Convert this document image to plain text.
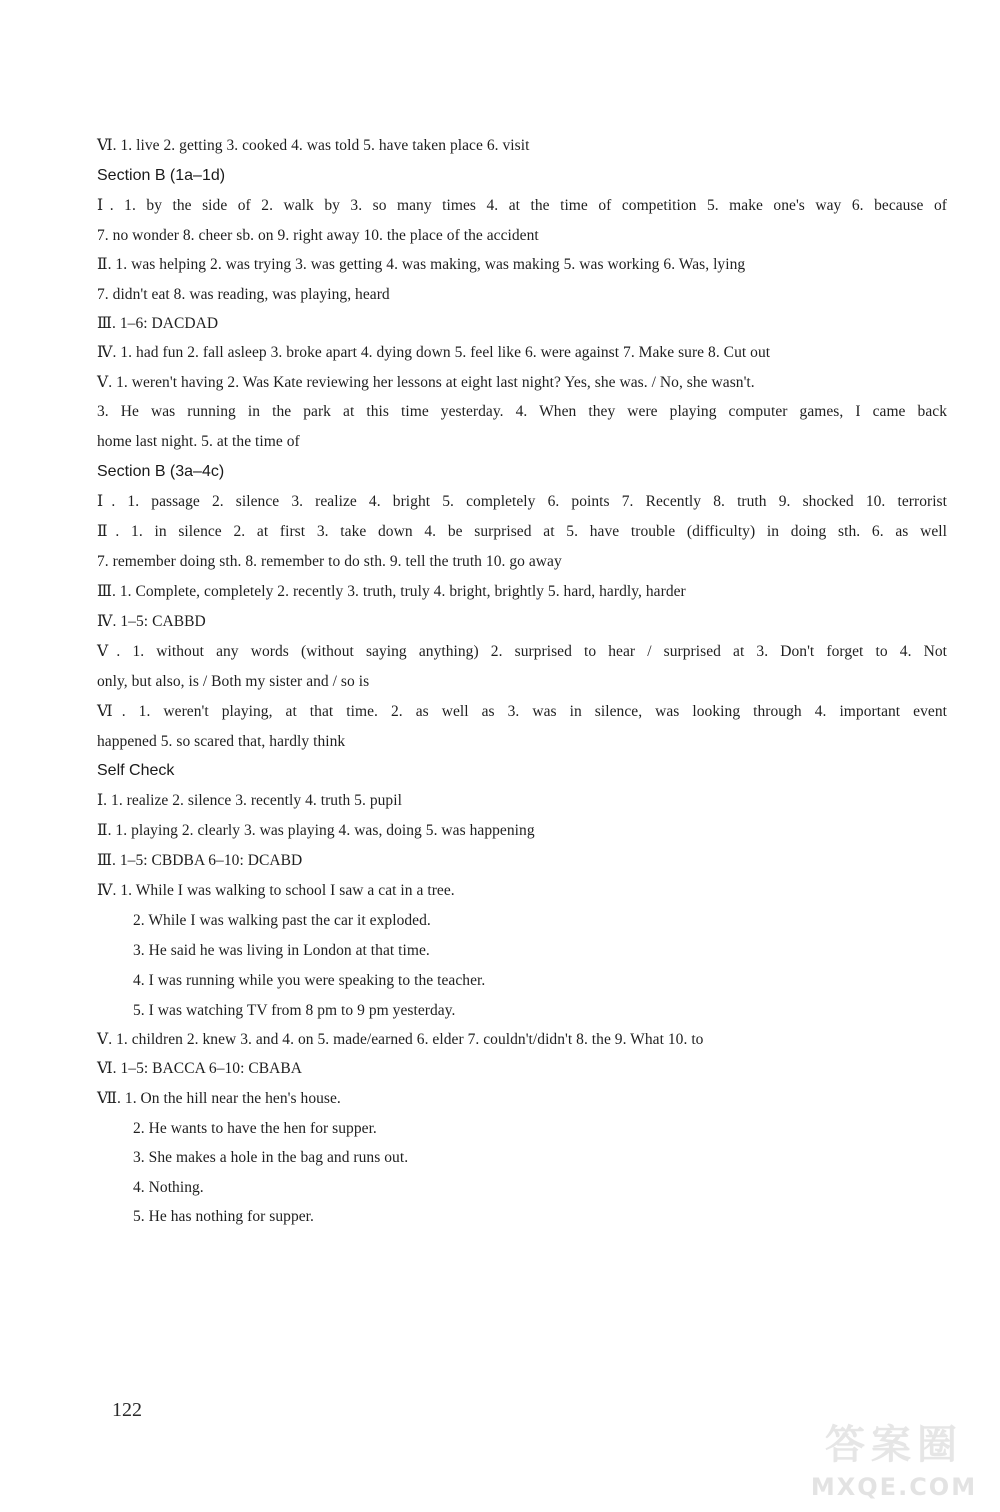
Ⅵ. 1. live 2. getting 3. cooked 4. was told 5. have taken place 6. visit
Section B (1a–1d)
Ⅰ. 1. by the side of 2. walk by 3. so many times 4. at the time of competition 5. make one's way 6. because of
7. no wonder 8. cheer sb. on 9. right away 10. the place of the accident
Ⅱ. 1. was helping 2. was trying 3. was getting 4. was making, was making 5. was working 6. Was, lying
7. didn't eat 8. was reading, was playing, heard
Ⅲ. 1–6: DACDAD
Ⅳ. 1. had fun 2. fall asleep 3. broke apart 4. dying down 5. feel like 6. were against 7. Make sure 8. Cut out
Ⅴ. 1. weren't having 2. Was Kate reviewing her lessons at eight last night? Yes, she was. / No, she wasn't.
3. He was running in the park at this time yesterday. 4. When they were playing computer games, I came back
home last night. 5. at the time of
Section B (3a–4c)
Ⅰ. 1. passage 2. silence 3. realize 4. bright 5. completely 6. points 7. Recently 8. truth 9. shocked 10. terrorist
Ⅱ. 1. in silence 2. at first 3. take down 4. be surprised at 5. have trouble (difficulty) in doing sth. 6. as well
7. remember doing sth. 8. remember to do sth. 9. tell the truth 10. go away
Ⅲ. 1. Complete, completely 2. recently 3. truth, truly 4. bright, brightly 5. hard, hardly, harder
Ⅳ. 1–5: CABBD
Ⅴ. 1. without any words (without saying anything) 2. surprised to hear / surprised at 3. Don't forget to 4. Not
only, but also, is / Both my sister and / so is
Ⅵ. 1. weren't playing, at that time. 2. as well as 3. was in silence, was looking through 4. important event
happened 5. so scared that, hardly think
Self Check
Ⅰ. 1. realize 2. silence 3. recently 4. truth 5. pupil
Ⅱ. 1. playing 2. clearly 3. was playing 4. was, doing 5. was happening
Ⅲ. 1–5: CBDBA 6–10: DCABD
Ⅳ. 1. While I was walking to school I saw a cat in a tree.
2. While I was walking past the car it exploded.
3. He said he was living in London at that time.
4. I was running while you were speaking to the teacher.
5. I was watching TV from 8 pm to 9 pm yesterday.
Ⅴ. 1. children 2. knew 3. and 4. on 5. made/earned 6. elder 7. couldn't/didn't 8. the 9. What 10. to
Ⅵ. 1–5: BACCA 6–10: CBABA
Ⅶ. 1. On the hill near the hen's house.
2. He wants to have the hen for supper.
3. She makes a hole in the bag and runs out.
4. Nothing.
5. He has nothing for supper.
122
答案圈
MXQE.COM
